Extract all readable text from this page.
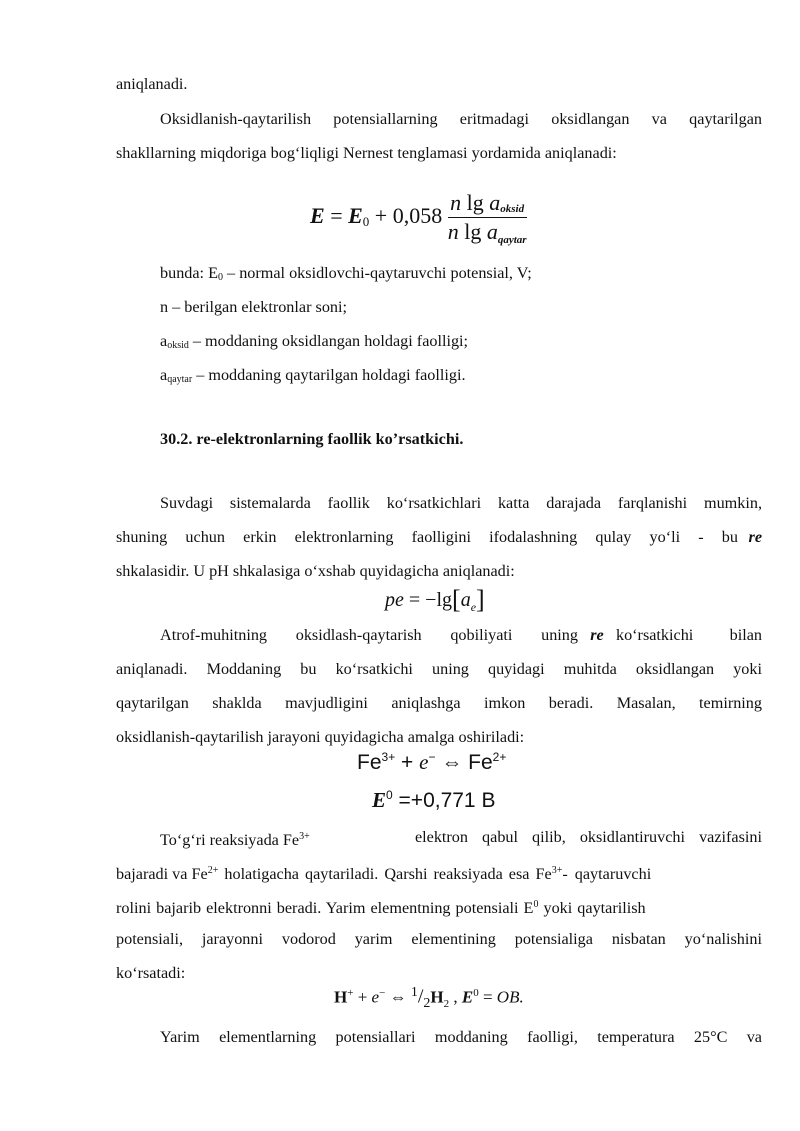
aniqlanadi.
Oksidlanish-qaytarilish potensiallarning eritmadagi oksidlangan va qaytarilgan
shakllarning miqdoriga bog‘liqligi Nernest tenglamasi yordamida aniqlanadi:
$E = E_0 + 0,058 \frac{n \lg a_{oksid}}{n \lg a_{qaytar}}$
bunda: $E_0$ – normal oksidlovchi-qaytaruvchi potensial, V;
n – berilgan elektronlar soni;
$a_{oksid}$ – moddaning oksidlangan holdagi faolligi;
$a_{qaytar}$ – moddaning qaytarilgan holdagi faolligi.
30.2. re-elektronlarning faollik ko’rsatkichi.
Suvdagi sistemalarda faollik ko‘rsatkichlari katta darajada farqlanishi mumkin,
shuning uchun erkin elektronlarning faolligini ifodalashning qulay yo‘li - bu re
shkalasidir. U pH shkalasiga o‘xshab quyidagicha aniqlanadi:
pe = $-\lg[a_e]$
Atrof-muhitning oksidlash-qaytarish qobiliyati uning re ko‘rsatkichi bilan
aniqlanadi. Moddaning bu ko‘rsatkichi uning quyidagi muhitda oksidlangan yoki
qaytarilgan shaklda mavjudligini aniqlashga imkon beradi. Masalan, temirning
oksidlanish-qaytarilish jarayoni quyidagicha amalga oshiriladi:
$Fe^{3+} + e^-$ ⇔ $Fe^{2+}$
$E^0 =+0,771$ B
To‘g‘ri reaksiyada $Fe^{3+}$	elektron qabul qilib, oksidlantiruvchi vazifasini
bajaradi va $Fe^{2+}$ holatigacha qaytariladi. Qarshi reaksiyada esa $Fe^{3+}-$ qaytaruvchi
rolini bajarib elektronni beradi. Yarim elementning potensiali $E^0$ yoki qaytarilish
potensiali, jarayonni vodorod yarim elementining potensialiga nisbatan yo‘nalishini
ko‘rsatadi:
H+ + e− ⇔ $^1/_2H_2$ , $E^0$ = OB.
Yarim elementlarning potensiallari moddaning faolligi, temperatura 25°C va
